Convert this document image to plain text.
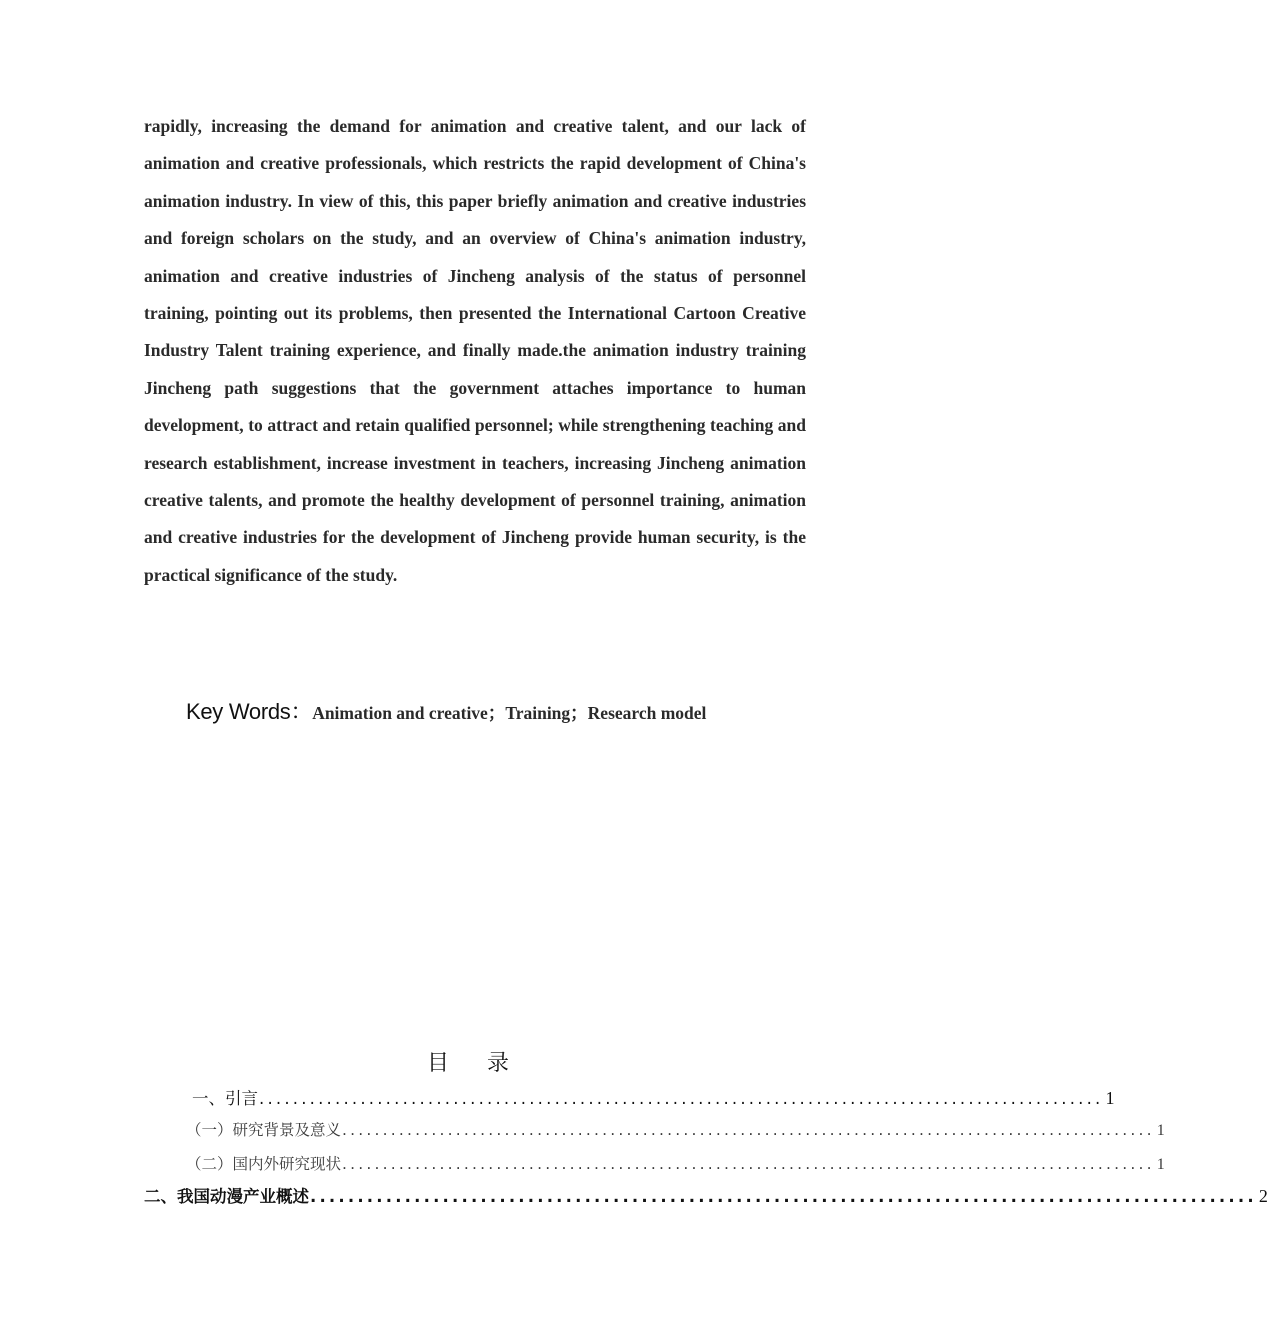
rapidly, increasing the demand for animation and creative talent, and our lack of animation and creative professionals, which restricts the rapid development of China's animation industry. In view of this, this paper briefly animation and creative industries and foreign scholars on the study, and an overview of China's animation industry, animation and creative industries of Jincheng analysis of the status of personnel training, pointing out its problems, then presented the International Cartoon Creative Industry Talent training experience, and finally made.the animation industry training Jincheng path suggestions that the government attaches importance to human development, to attract and retain qualified personnel; while strengthening teaching and research establishment, increase investment in teachers, increasing Jincheng animation creative talents, and promote the healthy development of personnel training, animation and creative industries for the development of Jincheng provide human security, is the practical significance of the study.

Key Words：Animation and creative；Training；Research model
目录
一、引言 .................................................................................................... 1
（一）研究背景及意义 .................................................................................................... 1
（二）国内外研究现状 .................................................................................................... 1
二、我国动漫产业概述 .................................................................................................... 2
